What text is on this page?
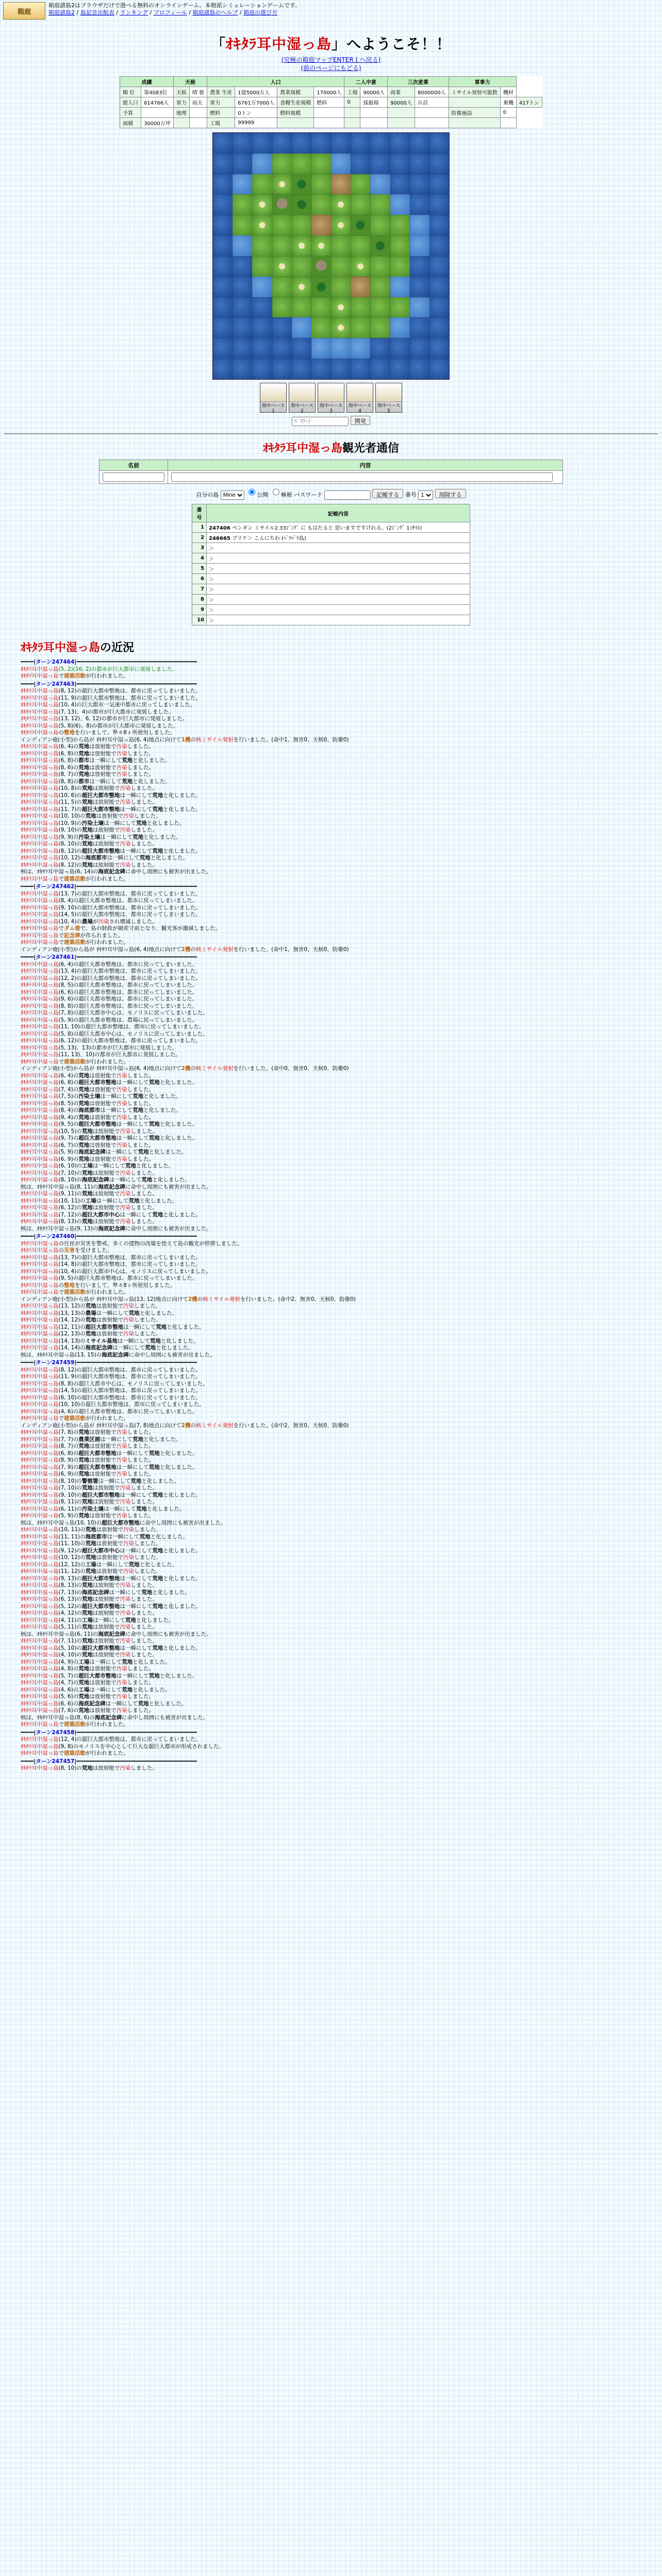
箱庭
箱庭諸島2はブラウザだけで遊べる無料のオンラインゲーム。本格派シミュレーションゲームです。
箱庭諸島2 / 島記念出航表 / ランキング / プロフィール / 箱庭諸島のヘルプ / 箱庭の遊び方
「ｵｷﾀﾗ耳中湿っ島」へようこそ！！
(究極の箱庭マップENTER１へ戻る)
(前のページにもどる)
成績		天候		人口				二人中意		三次産業		軍事力		
順 位	第4083位	天候	晴 曇	農業 生産	1億5000万人	農業規模	170000人	工場	90000人	商業	8000000人	ミサイル発射可能数	機材	
総人口	614766人	軍力	雨天	軍力	6761万7000人	食糧生産規模	燃料	0	採掘場	90000人	兵員		乗機	417トン
予算		地理		燃料	0トン	燃料規模						防衛施設	0	
面積	30000万坪			工場	99999									
海中ベース1
海中ベース2
海中ベース3
海中ベース4
海中ベース5
開発
ｵｷﾀﾗ耳中湿っ島観光者通信
名前	内容

自分の島
Mine	公開 極秘 パスワード	記帳する 番号
1	削除する
番号	記帳内容
1	247406 ペンギン ミサイル2.33ｼﾞﾝｸﾞ に もはたると 思いますですけれる。(2ｼﾞﾝｸﾞ 1ﾐｻｲﾙ)
2	246665 ブリケ＞ こんにちわ (ﾍﾞﾗﾍﾞﾗ島)
3	＞
4	＞
5	＞
6	＞
7	＞
8	＞
9	＞
10	＞
ｵｷﾀﾗ耳中湿っ島の近況
━━━━|ターン247464|━━━━━━━━━━━━━━━━━━━━━━━━━━━━━━━━━━━━━
ｵｷﾀﾗ耳中湿っ島(5, 2)(16, 2)の都市が巨大都市に発展しました。
ｵｷﾀﾗ耳中湿っ島で建築活動が行われました。
━━━━|ターン247463|━━━━━━━━━━━━━━━━━━━━━━━━━━━━━━━━━━━━━
ｵｷﾀﾗ耳中湿っ島(8, 12)の超巨大都市整地は、都市に戻ってしまいました。
ｵｷﾀﾗ耳中湿っ島(11, 9)の超巨大都市整地は、都市に戻ってしまいました。
ｵｷﾀﾗ耳中湿っ島(10, 4)の巨大都市一気速中都市に戻ってしまいました。
ｵｷﾀﾗ耳中湿っ島(7, 13)、4)の都市が巨大都市に発展しました。
ｵｷﾀﾗ耳中湿っ島(13, 12)、6, 12)の都市が巨大都市に発展しました。
ｵｷﾀﾗ耳中湿っ島(5, 8)(6)、8)の都市が巨大都市に発展しました。
ｵｷﾀﾗ耳中湿っ島の整地を行いまして、準々8ヶ所使用しました。
インディアン砲(小型)から島が ｵｷﾀﾗ耳中湿っ島(6, 4)地点に向けて1機の核ミサイル発射を行いました。(命中1、無害0、天候0、防衛0)
ｵｷﾀﾗ耳中湿っ島(6, 4)の荒地は放射能で汚染しました。
ｵｷﾀﾗ耳中湿っ島(6, 8)の荒地は放射能で汚染しました。
ｵｷﾀﾗ耳中湿っ島(6, 8)の都市は一瞬にして荒地と化しました。
ｵｷﾀﾗ耳中湿っ島(8, 6)の荒地は放射能で汚染しました。
ｵｷﾀﾗ耳中湿っ島(8, 7)の荒地は放射能で汚染しました。
ｵｷﾀﾗ耳中湿っ島(8, 8)の都市は一瞬にして荒地と化しました。
ｵｷﾀﾗ耳中湿っ島(10, 8)の荒地は放射能で汚染しました。
ｵｷﾀﾗ耳中湿っ島(10, 6)の超巨大都市整地は一瞬にして荒地と化しました。
ｵｷﾀﾗ耳中湿っ島(11, 5)の荒地は放射能で汚染しました。
ｵｷﾀﾗ耳中湿っ島(11, 7)の超巨大都市整地は一瞬にして荒地と化しました。
ｵｷﾀﾗ耳中湿っ島(10, 10)の荒地は放射能で汚染しました。
ｵｷﾀﾗ耳中湿っ島(10, 9)の汚染土壌は一瞬にして荒地と化しました。
ｵｷﾀﾗ耳中湿っ島(9, 10)の荒地は放射能で汚染しました。
ｵｷﾀﾗ耳中湿っ島(9, 9)の汚染土壌は一瞬にして荒地と化しました。
ｵｷﾀﾗ耳中湿っ島(8, 10)の荒地は放射能で汚染しました。
ｵｷﾀﾗ耳中湿っ島(8, 12)の超巨大都市整地は一瞬にして荒地と化しました。
ｵｷﾀﾗ耳中湿っ島(10, 12)の海底都市は一瞬にして荒地と化しました。
ｵｷﾀﾗ耳中湿っ島(8, 12)の荒地は放射能で汚染しました。
核は、ｵｷﾀﾗ耳中湿っ島(6, 14)の海底記念碑に命中し周囲にも被害が出ました。
ｵｷﾀﾗ耳中湿っ島で建築活動が行われました。
━━━━|ターン247462|━━━━━━━━━━━━━━━━━━━━━━━━━━━━━━━━━━━━━
ｵｷﾀﾗ耳中湿っ島(13, 7)の超巨大都市整地は、都市に戻ってしまいました。
ｵｷﾀﾗ耳中湿っ島(8, 4)の超巨大都市整地は、都市に戻ってしまいました。
ｵｷﾀﾗ耳中湿っ島(9, 10)の超巨大都市整地は、都市に戻ってしまいました。
ｵｷﾀﾗ耳中湿っ島(14, 5)の超巨大都市整地は、都市に戻ってしまいました。
ｵｷﾀﾗ耳中湿っ島(10, 4)の農場が汚染され壊滅しました。
ｵｷﾀﾗ耳中湿っ島でダム建で、島の財政が破産寸前となり、観光客が激減しました。
ｵｷﾀﾗ耳中湿っ島で記念碑が作られました。
ｵｷﾀﾗ耳中湿っ島で建築活動が行われました。
インディアン砲(小型)から島が ｵｷﾀﾗ耳中湿っ島(6, 4)地点に向けて2機の核ミサイル発射を行いました。(命中1、無害0、天候0、防衛0)
━━━━|ターン247461|━━━━━━━━━━━━━━━━━━━━━━━━━━━━━━━━━━━━━
ｵｷﾀﾗ耳中湿っ島(6, 4)の超巨大都市整地は、都市に戻ってしまいました。
ｵｷﾀﾗ耳中湿っ島(13, 4)の超巨大都市整地は、都市に戻ってしまいました。
ｵｷﾀﾗ耳中湿っ島(12, 2)の超巨大都市整地は、都市に戻ってしまいました。
ｵｷﾀﾗ耳中湿っ島(8, 5)の超巨大都市整地は、都市に戻ってしまいました。
ｵｷﾀﾗ耳中湿っ島(6, 6)の超巨大都市整地は、都市に戻ってしまいました。
ｵｷﾀﾗ耳中湿っ島(9, 6)の超巨大都市整地は、都市に戻ってしまいました。
ｵｷﾀﾗ耳中湿っ島(8, 8)の超巨大都市整地は、都市に戻ってしまいました。
ｵｷﾀﾗ耳中湿っ島(7, 8)の超巨大都市中心は、モノリスに戻ってしまいました。
ｵｷﾀﾗ耳中湿っ島(5, 9)の超巨大都市整地は、農場に戻ってしまいました。
ｵｷﾀﾗ耳中湿っ島(11, 10)の超巨大都市整地は、都市に戻ってしまいました。
ｵｷﾀﾗ耳中湿っ島(5, 8)の超巨大都市中心は、モノリスに戻ってしまいました。
ｵｷﾀﾗ耳中湿っ島(6, 12)の超巨大都市整地は、都市に戻ってしまいました。
ｵｷﾀﾗ耳中湿っ島(5, 13)、13)の都市が巨大都市に発展しました。
ｵｷﾀﾗ耳中湿っ島(11, 13)、10)の都市が巨大都市に発展しました。
ｵｷﾀﾗ耳中湿っ島で建築活動が行われました。
インディアン砲(小型)から島が ｵｷﾀﾗ耳中湿っ島(6, 4)地点に向けて2機の核ミサイル発射を行いました。(命中0、無害0、天候0、防衛0)
ｵｷﾀﾗ耳中湿っ島(6, 4)の荒地は放射能で汚染しました。
ｵｷﾀﾗ耳中湿っ島(6, 8)の超巨大都市整地は一瞬にして荒地と化しました。
ｵｷﾀﾗ耳中湿っ島(7, 4)の荒地は放射能で汚染しました。
ｵｷﾀﾗ耳中湿っ島(7, 5)の汚染土壌は一瞬にして荒地と化しました。
ｵｷﾀﾗ耳中湿っ島(8, 5)の荒地は放射能で汚染しました。
ｵｷﾀﾗ耳中湿っ島(8, 4)の海底都市は一瞬にして荒地と化しました。
ｵｷﾀﾗ耳中湿っ島(9, 4)の荒地は放射能で汚染しました。
ｵｷﾀﾗ耳中湿っ島(9, 5)の超巨大都市整地は一瞬にして荒地と化しました。
ｵｷﾀﾗ耳中湿っ島(10, 5)の荒地は放射能で汚染しました。
ｵｷﾀﾗ耳中湿っ島(9, 7)の超巨大都市整地は一瞬にして荒地と化しました。
ｵｷﾀﾗ耳中湿っ島(6, 7)の荒地は放射能で汚染しました。
ｵｷﾀﾗ耳中湿っ島(5, 9)の海底記念碑は一瞬にして荒地と化しました。
ｵｷﾀﾗ耳中湿っ島(6, 9)の荒地は放射能で汚染しました。
ｵｷﾀﾗ耳中湿っ島(6, 10)の工場は一瞬にして荒地と化しました。
ｵｷﾀﾗ耳中湿っ島(7, 10)の荒地は放射能で汚染しました。
ｵｷﾀﾗ耳中湿っ島(8, 10)の海底記念碑は一瞬にして荒地と化しました。
核は、ｵｷﾀﾗ耳中湿っ島(8, 11)の海底記念碑に命中し周囲にも被害が出ました。
ｵｷﾀﾗ耳中湿っ島(9, 11)の荒地は放射能で汚染しました。
ｵｷﾀﾗ耳中湿っ島(10, 11)の工場は一瞬にして荒地と化しました。
ｵｷﾀﾗ耳中湿っ島(6, 12)の荒地は放射能で汚染しました。
ｵｷﾀﾗ耳中湿っ島(7, 12)の超巨大都市中心は一瞬にして荒地と化しました。
ｵｷﾀﾗ耳中湿っ島(8, 13)の荒地は放射能で汚染しました。
核は、ｵｷﾀﾗ耳中湿っ島(9, 13)の海底記念碑に命中し周囲にも被害が出ました。
━━━━|ターン247460|━━━━━━━━━━━━━━━━━━━━━━━━━━━━━━━━━━━━━
ｵｷﾀﾗ耳中湿っ島の住民が災害を警戒、多くの建物の改築を控えて島の観光が停滞しました。
ｵｷﾀﾗ耳中湿っ島の災害を受けました。
ｵｷﾀﾗ耳中湿っ島(13, 7)の超巨大都市整地は、都市に戻ってしまいました。
ｵｷﾀﾗ耳中湿っ島(14, 8)の超巨大都市整地は、都市に戻ってしまいました。
ｵｷﾀﾗ耳中湿っ島(10, 4)の超巨大都市中心は、モノリスに戻ってしまいました。
ｵｷﾀﾗ耳中湿っ島(9, 5)の超巨大都市整地は、都市に戻ってしまいました。
ｵｷﾀﾗ耳中湿っ島の整地を行いまして、準々8ヶ所使用しました。
ｵｷﾀﾗ耳中湿っ島で建築活動が行われました。
インディアン砲(小型)から島が ｵｷﾀﾗ耳中湿っ島(13, 12)地点に向けて2機の核ミサイル発射を行いました。(命中2、無害0、天候0、防衛0)
ｵｷﾀﾗ耳中湿っ島(13, 12)の荒地は放射能で汚染しました。
ｵｷﾀﾗ耳中湿っ島(13, 13)の農場は一瞬にして荒地と化しました。
ｵｷﾀﾗ耳中湿っ島(14, 12)の荒地は放射能で汚染しました。
ｵｷﾀﾗ耳中湿っ島(12, 11)の超巨大都市整地は一瞬にして荒地と化しました。
ｵｷﾀﾗ耳中湿っ島(12, 13)の荒地は放射能で汚染しました。
ｵｷﾀﾗ耳中湿っ島(14, 13)のミサイル基地は一瞬にして荒地と化しました。
ｵｷﾀﾗ耳中湿っ島(14, 14)の海底記念碑は一瞬にして荒地と化しました。
核は、ｵｷﾀﾗ耳中湿っ島(13, 15)の海底記念碑に命中し周囲にも被害が出ました。
━━━━|ターン247459|━━━━━━━━━━━━━━━━━━━━━━━━━━━━━━━━━━━━━
ｵｷﾀﾗ耳中湿っ島(8, 12)の超巨大都市整地は、都市に戻ってしまいました。
ｵｷﾀﾗ耳中湿っ島(11, 9)の超巨大都市整地は、都市に戻ってしまいました。
ｵｷﾀﾗ耳中湿っ島(8, 8)の超巨大都市中心は、モノリスに戻ってしまいました。
ｵｷﾀﾗ耳中湿っ島(14, 5)の超巨大都市整地は、都市に戻ってしまいました。
ｵｷﾀﾗ耳中湿っ島(6, 10)の超巨大都市整地は、都市に戻ってしまいました。
ｵｷﾀﾗ耳中湿っ島(10, 10)の超巨大都市整地は、都市に戻ってしまいました。
ｵｷﾀﾗ耳中湿っ島(4, 6)の超巨大都市整地は、都市に戻ってしまいました。
ｵｷﾀﾗ耳中湿っ島で建築活動が行われました。
インディアン砲(小型)から島が ｵｷﾀﾗ耳中湿っ島(7, 8)地点に向けて2機の核ミサイル発射を行いました。(命中2、無害0、天候0、防衛0)
ｵｷﾀﾗ耳中湿っ島(7, 8)の荒地は放射能で汚染しました。
ｵｷﾀﾗ耳中湿っ島(7, 7)の農業区画は一瞬にして荒地と化しました。
ｵｷﾀﾗ耳中湿っ島(8, 7)の荒地は放射能で汚染しました。
ｵｷﾀﾗ耳中湿っ島(6, 8)の超巨大都市整地は一瞬にして荒地と化しました。
ｵｷﾀﾗ耳中湿っ島(8, 9)の荒地は放射能で汚染しました。
ｵｷﾀﾗ耳中湿っ島(7, 9)の超巨大都市整地は一瞬にして荒地と化しました。
ｵｷﾀﾗ耳中湿っ島(6, 9)の荒地は放射能で汚染しました。
ｵｷﾀﾗ耳中湿っ島(8, 10)の警察署は一瞬にして荒地と化しました。
ｵｷﾀﾗ耳中湿っ島(7, 10)の荒地は放射能で汚染しました。
ｵｷﾀﾗ耳中湿っ島(9, 10)の超巨大都市整地は一瞬にして荒地と化しました。
ｵｷﾀﾗ耳中湿っ島(8, 11)の荒地は放射能で汚染しました。
ｵｷﾀﾗ耳中湿っ島(6, 11)の汚染土壌は一瞬にして荒地と化しました。
ｵｷﾀﾗ耳中湿っ島(5, 9)の荒地は放射能で汚染しました。
核は、ｵｷﾀﾗ耳中湿っ島(10, 10)の超巨大都市整地に命中し周囲にも被害が出ました。
ｵｷﾀﾗ耳中湿っ島(10, 11)の荒地は放射能で汚染しました。
ｵｷﾀﾗ耳中湿っ島(11, 11)の海底都市は一瞬にして荒地と化しました。
ｵｷﾀﾗ耳中湿っ島(11, 10)の荒地は放射能で汚染しました。
ｵｷﾀﾗ耳中湿っ島(9, 12)の超巨大都市中心は一瞬にして荒地と化しました。
ｵｷﾀﾗ耳中湿っ島(10, 12)の荒地は放射能で汚染しました。
ｵｷﾀﾗ耳中湿っ島(12, 12)の工場は一瞬にして荒地と化しました。
ｵｷﾀﾗ耳中湿っ島(11, 12)の荒地は放射能で汚染しました。
ｵｷﾀﾗ耳中湿っ島(9, 13)の超巨大都市整地は一瞬にして荒地と化しました。
ｵｷﾀﾗ耳中湿っ島(8, 13)の荒地は放射能で汚染しました。
ｵｷﾀﾗ耳中湿っ島(7, 13)の海底記念碑は一瞬にして荒地と化しました。
ｵｷﾀﾗ耳中湿っ島(6, 13)の荒地は放射能で汚染しました。
ｵｷﾀﾗ耳中湿っ島(5, 12)の超巨大都市整地は一瞬にして荒地と化しました。
ｵｷﾀﾗ耳中湿っ島(4, 12)の荒地は放射能で汚染しました。
ｵｷﾀﾗ耳中湿っ島(4, 11)の工場は一瞬にして荒地と化しました。
ｵｷﾀﾗ耳中湿っ島(5, 11)の荒地は放射能で汚染しました。
核は、ｵｷﾀﾗ耳中湿っ島(6, 11)の海底記念碑に命中し周囲にも被害が出ました。
ｵｷﾀﾗ耳中湿っ島(7, 11)の荒地は放射能で汚染しました。
ｵｷﾀﾗ耳中湿っ島(5, 10)の超巨大都市整地は一瞬にして荒地と化しました。
ｵｷﾀﾗ耳中湿っ島(4, 10)の荒地は放射能で汚染しました。
ｵｷﾀﾗ耳中湿っ島(4, 9)の工場は一瞬にして荒地と化しました。
ｵｷﾀﾗ耳中湿っ島(4, 8)の荒地は放射能で汚染しました。
ｵｷﾀﾗ耳中湿っ島(5, 7)の超巨大都市整地は一瞬にして荒地と化しました。
ｵｷﾀﾗ耳中湿っ島(4, 7)の荒地は放射能で汚染しました。
ｵｷﾀﾗ耳中湿っ島(4, 6)の工場は一瞬にして荒地と化しました。
ｵｷﾀﾗ耳中湿っ島(5, 6)の荒地は放射能で汚染しました。
ｵｷﾀﾗ耳中湿っ島(6, 6)の海底記念碑は一瞬にして荒地と化しました。
ｵｷﾀﾗ耳中湿っ島(7, 6)の荒地は放射能で汚染しました。
核は、ｵｷﾀﾗ耳中湿っ島(8, 6)の海底記念碑に命中し周囲にも被害が出ました。
ｵｷﾀﾗ耳中湿っ島で建築活動が行われました。
━━━━|ターン247458|━━━━━━━━━━━━━━━━━━━━━━━━━━━━━━━━━━━━━
ｵｷﾀﾗ耳中湿っ島(12, 4)の超巨大都市整地は、都市に戻ってしまいました。
ｵｷﾀﾗ耳中湿っ島(9, 8)のモノリスを中心として巨大な超巨大都市が形成されました。
ｵｷﾀﾗ耳中湿っ島で建築活動が行われました。
━━━━|ターン247457|━━━━━━━━━━━━━━━━━━━━━━━━━━━━━━━━━━━━━
ｵｷﾀﾗ耳中湿っ島(8, 10)の荒地は放射能で汚染しました。
